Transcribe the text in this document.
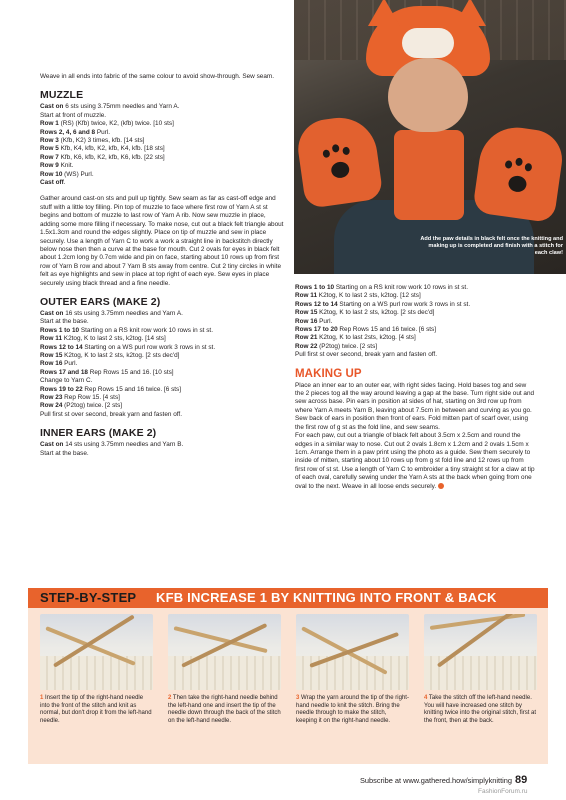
Weave in all ends into fabric of the same colour to avoid show-through. Sew seam.

MUZZLE

Cast on 6 sts using 3.75mm needles and Yarn A.

Start at front of muzzle.

Row 1 (RS) (Kfb) twice, K2, (kfb) twice. [10 sts]

Rows 2, 4, 6 and 8 Purl.

Row 3 (Kfb, K2) 3 times, kfb. [14 sts]

Row 5 Kfb, K4, kfb, K2, kfb, K4, kfb. [18 sts]

Row 7 Kfb, K6, kfb, K2, kfb, K6, kfb. [22 sts]

Row 9 Knit.

Row 10 (WS) Purl.

Cast off.

Gather around cast-on sts and pull up tightly. Sew seam as far as cast-off edge and stuff with a little toy filling. Pin top of muzzle to face where first row of Yarn A st st begins and bottom of muzzle to last row of Yarn A rib. Now sew muzzle in place, adding some more filling if necessary. To make nose, cut out a black felt triangle about 1.5x1.3cm and round the edges slightly. Place on tip of muzzle and sew in place securely. Use a length of Yarn C to work a work a straight line in backstitch directly below nose then then a curve at the base for mouth. Cut 2 ovals for eyes in black felt about 1.2cm long by 0.7cm wide and pin on face, starting about 10 rows up from first row of Yarn B row and about 7 Yarn B sts away from centre. Cut 2 tiny circles in white felt as eye highlights and sew in place at top right of each eye. Sew eyes in place securely using black thread and a fine needle.

OUTER EARS (MAKE 2)

Cast on 16 sts using 3.75mm needles and Yarn A.

Start at the base.

Rows 1 to 10 Starting on a RS knit row work 10 rows in st st.

Row 11 K2tog, K to last 2 sts, k2tog. [14 sts]

Rows 12 to 14 Starting on a WS purl row work 3 rows in st st.

Row 15 K2tog, K to last 2 sts, k2tog. [2 sts dec'd]

Row 16 Purl.

Rows 17 and 18 Rep Rows 15 and 16. [10 sts]

Change to Yarn C.

Rows 19 to 22 Rep Rows 15 and 16 twice. [6 sts]

Row 23 Rep Row 15. [4 sts]

Row 24 (P2tog) twice. [2 sts]

Pull first st over second, break yarn and fasten off.

INNER EARS (MAKE 2)

Cast on 14 sts using 3.75mm needles and Yarn B.

Start at the base.

Add the paw details in black felt once the knitting and making up is completed and finish with a stitch for each claw!

Rows 1 to 10 Starting on a RS knit row work 10 rows in st st.

Row 11 K2tog, K to last 2 sts, k2tog. [12 sts]

Rows 12 to 14 Starting on a WS purl row work 3 rows in st st.

Row 15 K2tog, K to last 2 sts, k2tog. [2 sts dec'd]

Row 16 Purl.

Rows 17 to 20 Rep Rows 15 and 16 twice. [6 sts]

Row 21 K2tog, K to last 2sts, k2tog. [4 sts]

Row 22 (P2tog) twice. [2 sts]

Pull first st over second, break yarn and fasten off.

MAKING UP

Place an inner ear to an outer ear, with right sides facing. Hold bases tog and sew the 2 pieces tog all the way around leaving a gap at the base. Turn right side out and sew across base. Pin ears in position at sides of hat, starting on 3rd row up from where Yarn A meets Yarn B, leaving about 7.5cm in between and curving as you go. Sew back of ears in position then front of ears. Fold mitten part of scarf over, using the first row of g st as the fold line, and sew seams.

For each paw, cut out a triangle of black felt about 3.5cm x 2.5cm and round the edges in a similar way to nose. Cut out 2 ovals 1.8cm x 1.2cm and 2 ovals 1.5cm x 1cm. Arrange them in a paw print using the photo as a guide. Sew them securely to inside of mitten, starting about 10 rows up from g st fold line and 12 rows up from first row of st st. Use a length of Yarn C to embroider a tiny straight st for a claw at tip of each oval, carefully sewing under the Yarn A sts at the back when going from one oval to the next. Weave in all loose ends securely.

STEP-BY-STEP KFB INCREASE 1 BY KNITTING INTO FRONT & BACK
1 Insert the tip of the right-hand needle into the front of the stitch and knit as normal, but don't drop it from the left-hand needle.
2 Then take the right-hand needle behind the left-hand one and insert the tip of the needle down through the back of the stitch on the left-hand needle.
3 Wrap the yarn around the tip of the right-hand needle to knit the stitch. Bring the needle through to make the stitch, keeping it on the right-hand needle.
4 Take the stitch off the left-hand needle. You will have increased one stitch by knitting twice into the original stitch, first at the front, then at the back.
Subscribe at www.gathered.how/simplyknitting 89
FashionForum.ru
